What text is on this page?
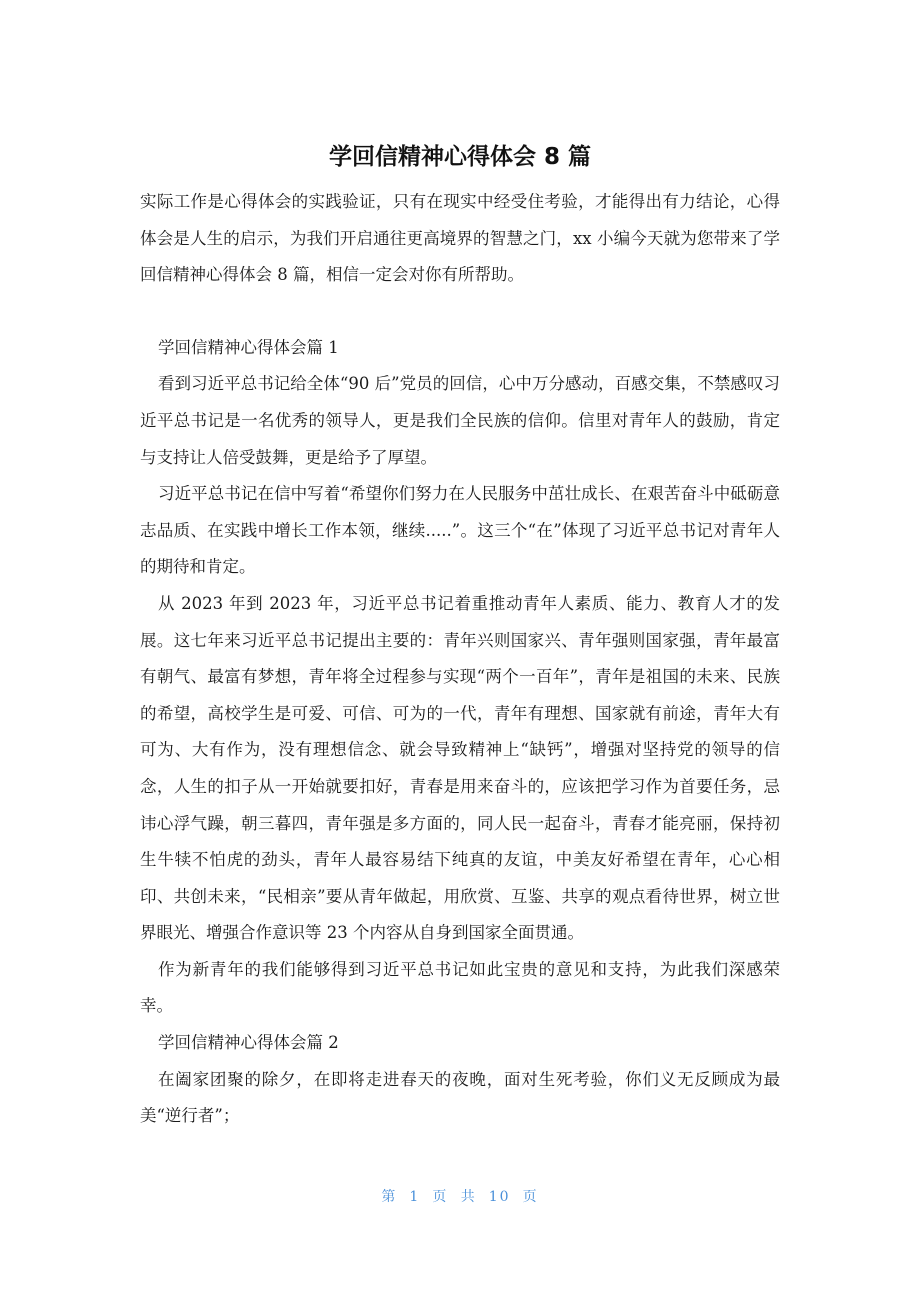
学回信精神心得体会 8 篇

实际工作是心得体会的实践验证，只有在现实中经受住考验，才能得出有力结论，心得体会是人生的启示，为我们开启通往更高境界的智慧之门，xx 小编今天就为您带来了学回信精神心得体会 8 篇，相信一定会对你有所帮助。

学回信精神心得体会篇 1

看到习近平总书记给全体“90 后”党员的回信，心中万分感动，百感交集，不禁感叹习近平总书记是一名优秀的领导人，更是我们全民族的信仰。信里对青年人的鼓励，肯定与支持让人倍受鼓舞，更是给予了厚望。

习近平总书记在信中写着“希望你们努力在人民服务中茁壮成长、在艰苦奋斗中砥砺意志品质、在实践中增长工作本领，继续.....”。这三个“在”体现了习近平总书记对青年人的期待和肯定。

从 2023 年到 2023 年，习近平总书记着重推动青年人素质、能力、教育人才的发展。这七年来习近平总书记提出主要的：青年兴则国家兴、青年强则国家强，青年最富有朝气、最富有梦想，青年将全过程参与实现“两个一百年”，青年是祖国的未来、民族的希望，高校学生是可爱、可信、可为的一代，青年有理想、国家就有前途，青年大有可为、大有作为，没有理想信念、就会导致精神上“缺钙”，增强对坚持党的领导的信念，人生的扣子从一开始就要扣好，青春是用来奋斗的，应该把学习作为首要任务，忌讳心浮气躁，朝三暮四，青年强是多方面的，同人民一起奋斗，青春才能亮丽，保持初生牛犊不怕虎的劲头，青年人最容易结下纯真的友谊，中美友好希望在青年，心心相印、共创未来，“民相亲”要从青年做起，用欣赏、互鉴、共享的观点看待世界，树立世界眼光、增强合作意识等 23 个内容从自身到国家全面贯通。

作为新青年的我们能够得到习近平总书记如此宝贵的意见和支持，为此我们深感荣幸。

学回信精神心得体会篇 2

在阖家团聚的除夕，在即将走进春天的夜晚，面对生死考验，你们义无反顾成为最美“逆行者”；

第 1 页 共 10 页
